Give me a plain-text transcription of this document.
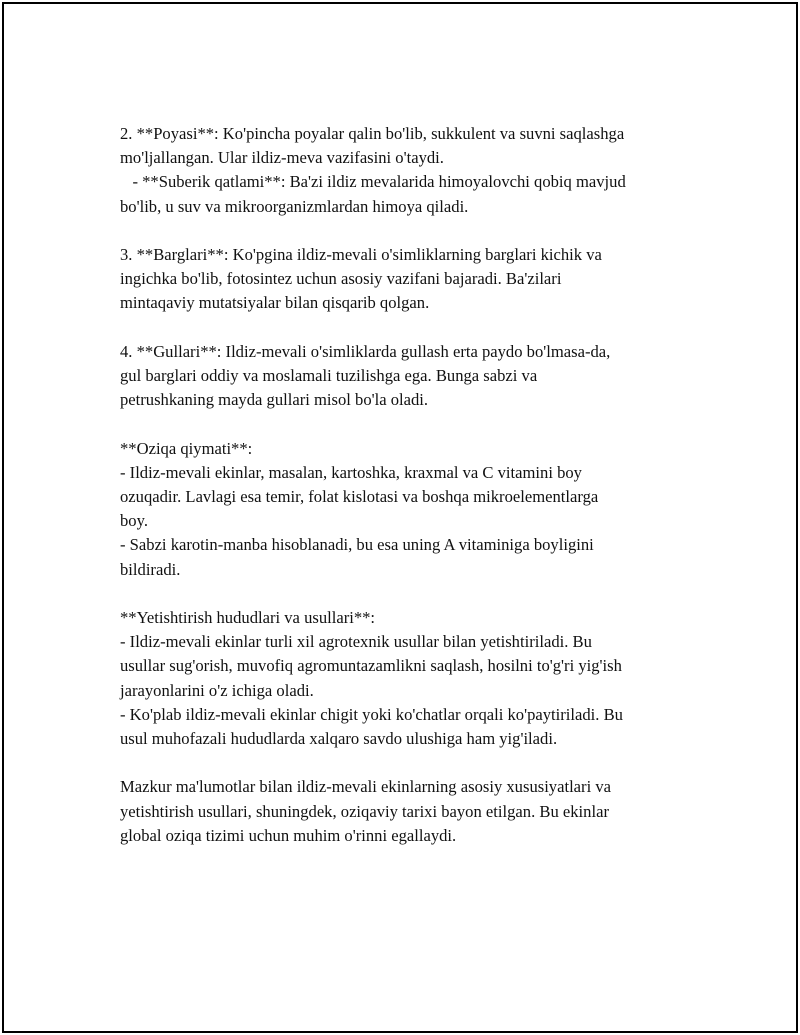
2. **Poyasi**: Ko'pincha poyalar qalin bo'lib, sukkulent va suvni saqlashga
mo'ljallangan. Ular ildiz-meva vazifasini o'taydi.
- **Suberik qatlami**: Ba'zi ildiz mevalarida himoyalovchi qobiq mavjud
bo'lib, u suv va mikroorganizmlardan himoya qiladi.

3. **Barglari**: Ko'pgina ildiz-mevali o'simliklarning barglari kichik va
ingichka bo'lib, fotosintez uchun asosiy vazifani bajaradi. Ba'zilari
mintaqaviy mutatsiyalar bilan qisqarib qolgan.

4. **Gullari**: Ildiz-mevali o'simliklarda gullash erta paydo bo'lmasa-da,
gul barglari oddiy va moslamali tuzilishga ega. Bunga sabzi va
petrushkaning mayda gullari misol bo'la oladi.

**Oziqa qiymati**:
- Ildiz-mevali ekinlar, masalan, kartoshka, kraxmal va C vitamini boy
ozuqadir. Lavlagi esa temir, folat kislotasi va boshqa mikroelementlarga
boy.
- Sabzi karotin-manba hisoblanadi, bu esa uning A vitaminiga boyligini
bildiradi.

**Yetishtirish hududlari va usullari**:
- Ildiz-mevali ekinlar turli xil agrotexnik usullar bilan yetishtiriladi. Bu
usullar sug'orish, muvofiq agromuntazamlikni saqlash, hosilni to'g'ri yig'ish
jarayonlarini o'z ichiga oladi.
- Ko'plab ildiz-mevali ekinlar chigit yoki ko'chatlar orqali ko'paytiriladi. Bu
usul muhofazali hududlarda xalqaro savdo ulushiga ham yig'iladi.

Mazkur ma'lumotlar bilan ildiz-mevali ekinlarning asosiy xususiyatlari va
yetishtirish usullari, shuningdek, oziqaviy tarixi bayon etilgan. Bu ekinlar
global oziqa tizimi uchun muhim o'rinni egallaydi.
